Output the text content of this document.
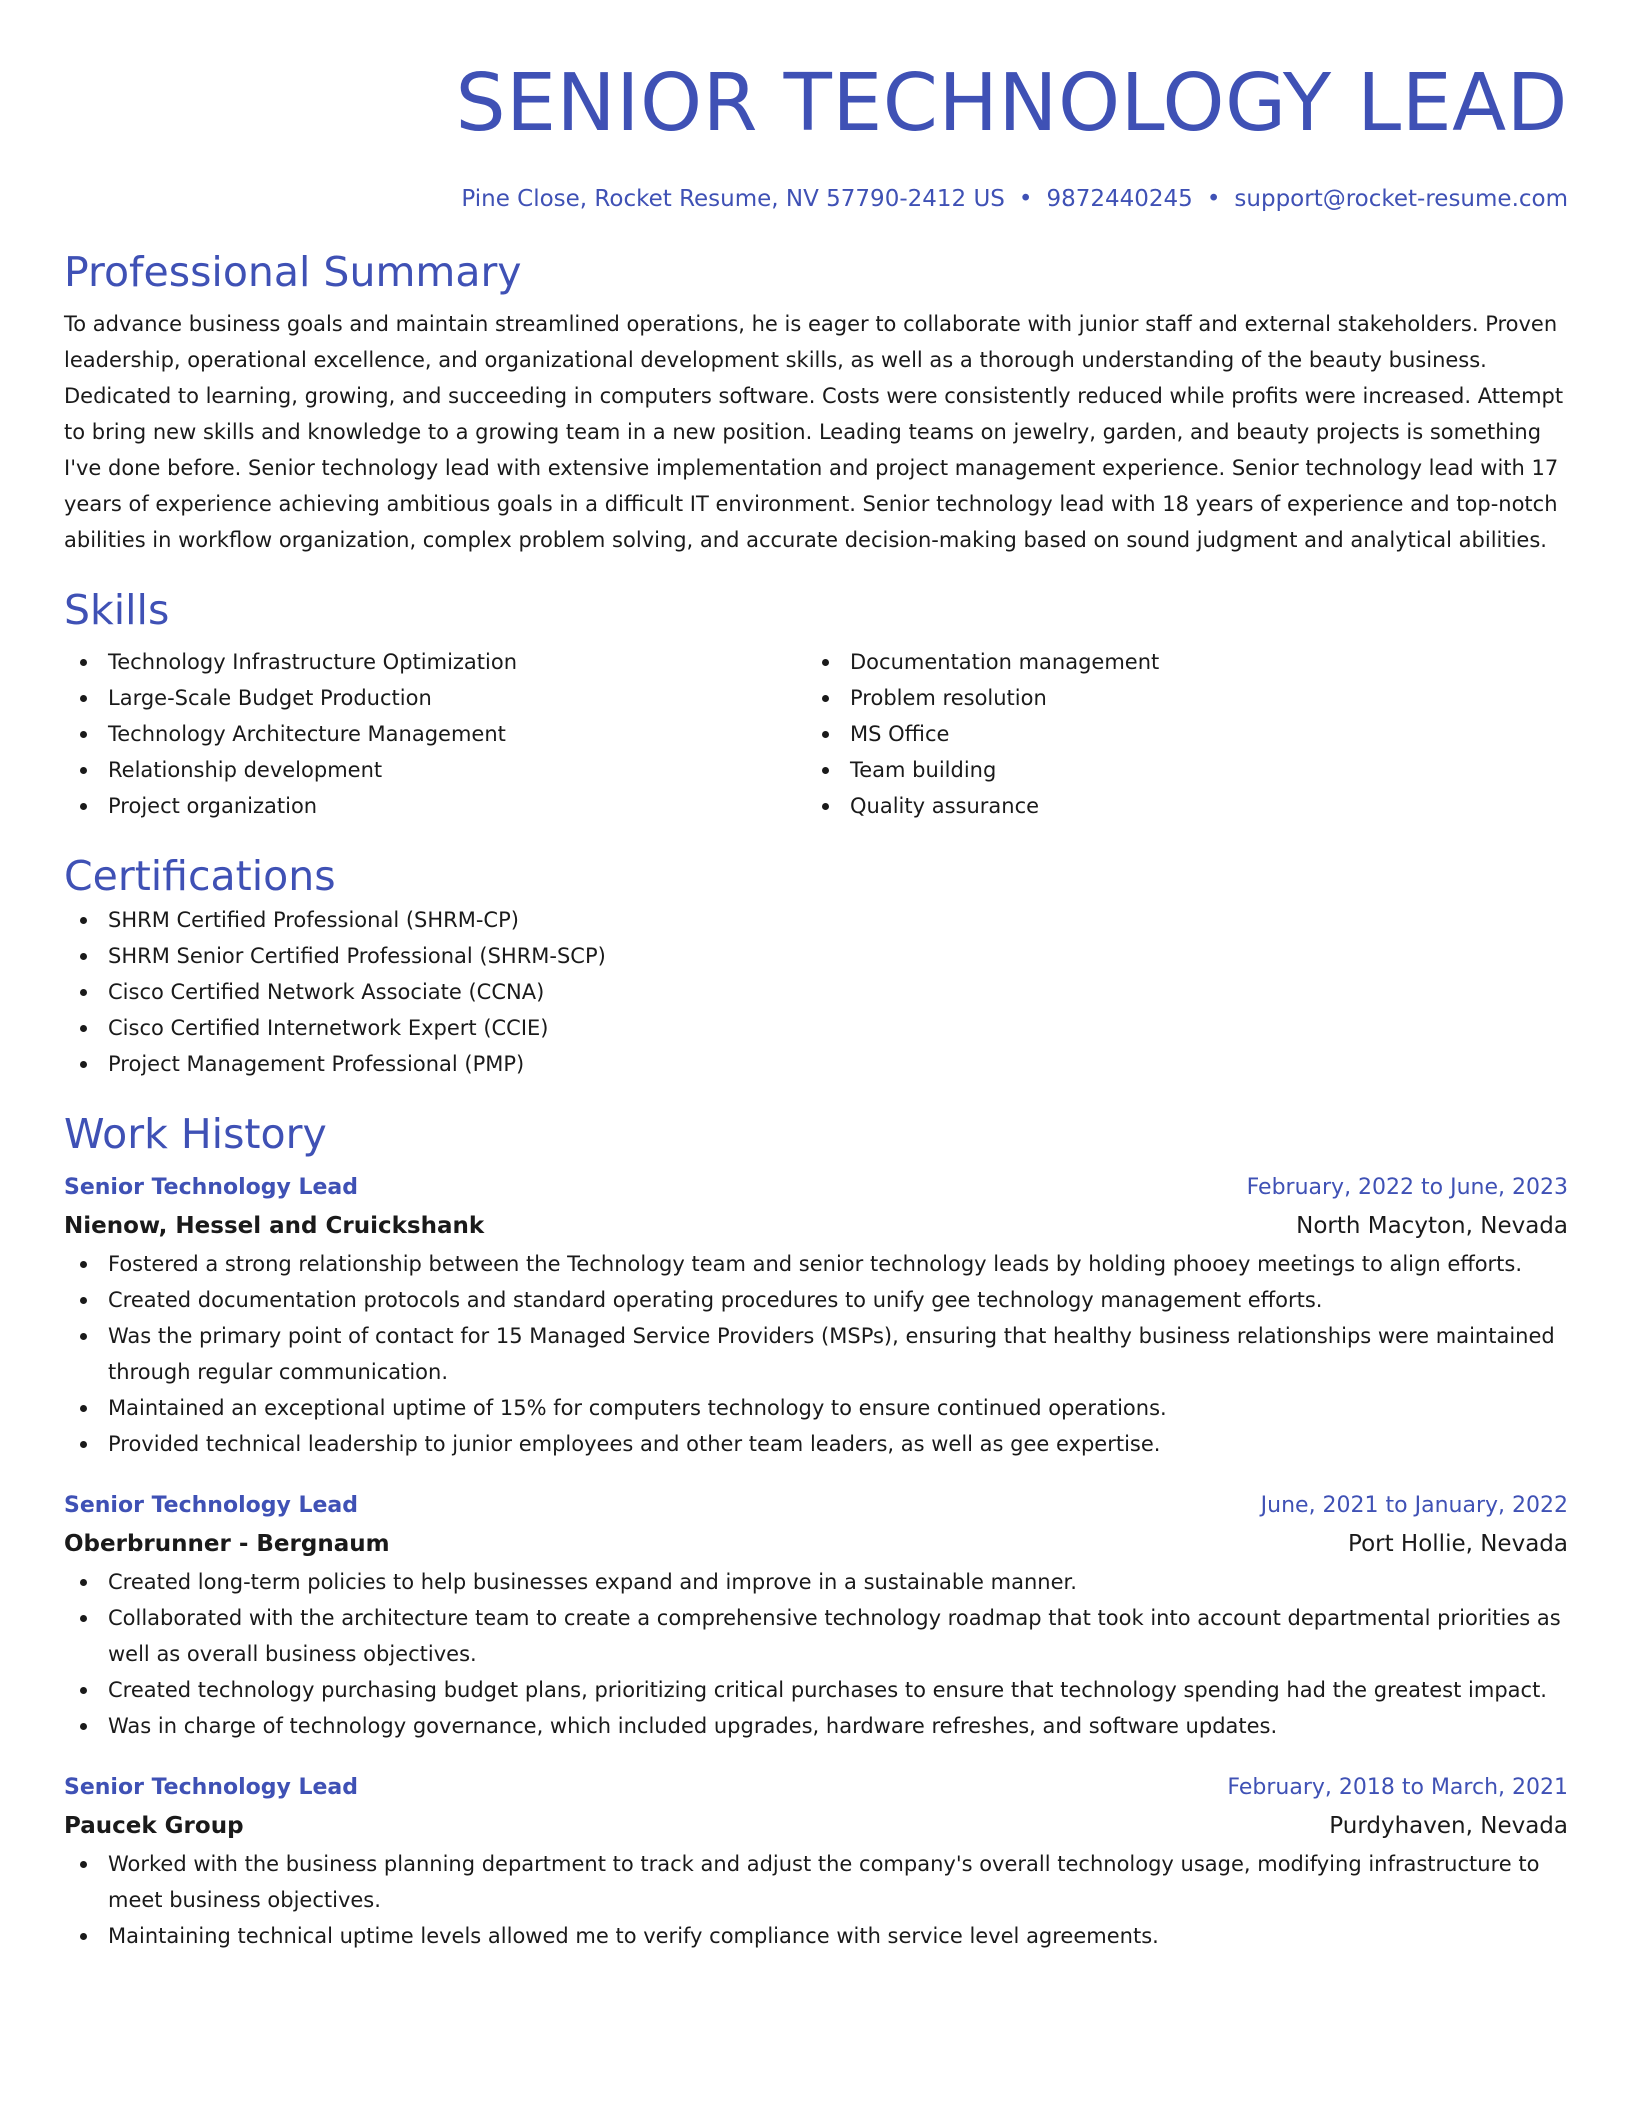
SENIOR TECHNOLOGY LEAD
Pine Close, Rocket Resume, NV 57790-2412 US • 9872440245 • support@rocket-resume.com
Professional Summary

To advance business goals and maintain streamlined operations, he is eager to collaborate with junior staff and external stakeholders. Proven leadership, operational excellence, and organizational development skills, as well as a thorough understanding of the beauty business. Dedicated to learning, growing, and succeeding in computers software. Costs were consistently reduced while profits were increased. Attempt to bring new skills and knowledge to a growing team in a new position. Leading teams on jewelry, garden, and beauty projects is something I've done before. Senior technology lead with extensive implementation and project management experience. Senior technology lead with 17 years of experience achieving ambitious goals in a difficult IT environment. Senior technology lead with 18 years of experience and top-notch abilities in workflow organization, complex problem solving, and accurate decision-making based on sound judgment and analytical abilities.

Skills
Technology Infrastructure Optimization
Large-Scale Budget Production
Technology Architecture Management
Relationship development
Project organization
Documentation management
Problem resolution
MS Office
Team building
Quality assurance
Certifications
SHRM Certified Professional (SHRM-CP)
SHRM Senior Certified Professional (SHRM-SCP)
Cisco Certified Network Associate (CCNA)
Cisco Certified Internetwork Expert (CCIE)
Project Management Professional (PMP)
Work History
Senior Technology Lead	February, 2022 to June, 2023
Nienow, Hessel and Cruickshank	North Macyton, Nevada
Fostered a strong relationship between the Technology team and senior technology leads by holding phooey meetings to align efforts.
Created documentation protocols and standard operating procedures to unify gee technology management efforts.
Was the primary point of contact for 15 Managed Service Providers (MSPs), ensuring that healthy business relationships were maintained through regular communication.
Maintained an exceptional uptime of 15% for computers technology to ensure continued operations.
Provided technical leadership to junior employees and other team leaders, as well as gee expertise.
Senior Technology Lead	June, 2021 to January, 2022
Oberbrunner - Bergnaum	Port Hollie, Nevada
Created long-term policies to help businesses expand and improve in a sustainable manner.
Collaborated with the architecture team to create a comprehensive technology roadmap that took into account departmental priorities as well as overall business objectives.
Created technology purchasing budget plans, prioritizing critical purchases to ensure that technology spending had the greatest impact.
Was in charge of technology governance, which included upgrades, hardware refreshes, and software updates.
Senior Technology Lead	February, 2018 to March, 2021
Paucek Group	Purdyhaven, Nevada
Worked with the business planning department to track and adjust the company's overall technology usage, modifying infrastructure to meet business objectives.
Maintaining technical uptime levels allowed me to verify compliance with service level agreements.
